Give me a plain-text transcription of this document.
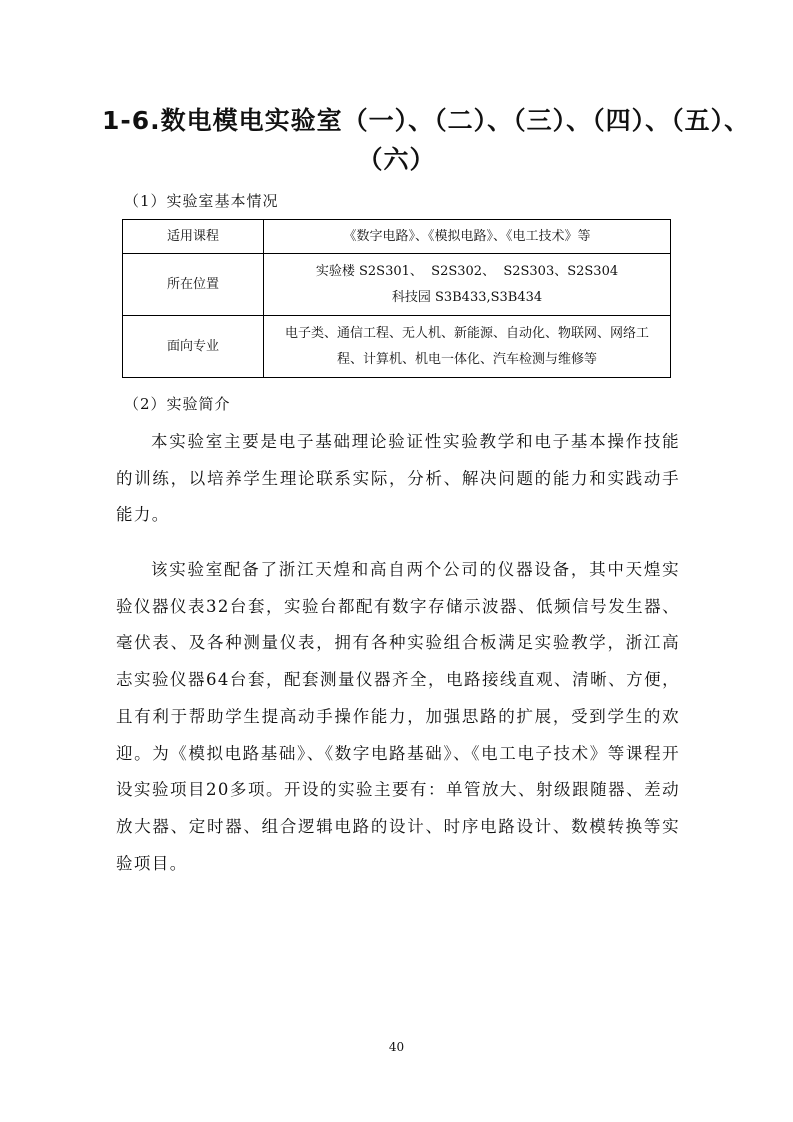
1-6.数电模电实验室（一）、（二）、（三）、（四）、（五）、
（六）
（1）实验室基本情况
适用课程	《数字电路》、《模拟电路》、《电工技术》等

所在位置	实验楼 S2S301、  S2S302、  S2S303、S2S304
科技园 S3B433,S3B434

面向专业	电子类、通信工程、无人机、新能源、自动化、物联网、网络工
程、计算机、机电一体化、汽车检测与维修等
（2）实验简介

本实验室主要是电子基础理论验证性实验教学和电子基本操作技能的训练，以培养学生理论联系实际，分析、解决问题的能力和实践动手能力。

该实验室配备了浙江天煌和高自两个公司的仪器设备，其中天煌实验仪器仪表32台套，实验台都配有数字存储示波器、低频信号发生器、毫伏表、及各种测量仪表，拥有各种实验组合板满足实验教学，浙江高志实验仪器64台套，配套测量仪器齐全，电路接线直观、清晰、方便，且有利于帮助学生提高动手操作能力，加强思路的扩展，受到学生的欢迎。为《模拟电路基础》、《数字电路基础》、《电工电子技术》等课程开设实验项目20多项。开设的实验主要有：单管放大、射级跟随器、差动放大器、定时器、组合逻辑电路的设计、时序电路设计、数模转换等实验项目。

40
